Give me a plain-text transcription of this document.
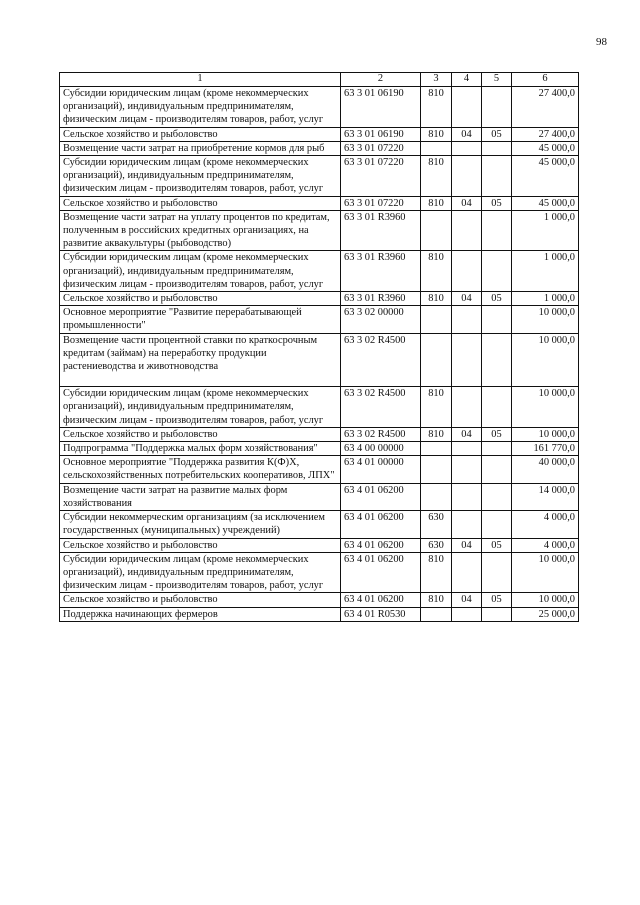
98
1	2	3	4	5	6
Субсидии юридическим лицам (кроме некоммерческих организаций), индивидуальным предпринимателям, физическим лицам - производителям товаров, работ, услуг	63 3 01 06190	810			27 400,0
Сельское хозяйство и рыболовство	63 3 01 06190	810	04	05	27 400,0
Возмещение части затрат на приобретение кормов для рыб	63 3 01 07220				45 000,0
Субсидии юридическим лицам (кроме некоммерческих организаций), индивидуальным предпринимателям, физическим лицам - производителям товаров, работ, услуг	63 3 01 07220	810			45 000,0
Сельское хозяйство и рыболовство	63 3 01 07220	810	04	05	45 000,0
Возмещение части затрат на уплату процентов по кредитам, полученным в российских кредитных организациях, на развитие аквакультуры (рыбоводство)	63 3 01 R3960				1 000,0
Субсидии юридическим лицам (кроме некоммерческих организаций), индивидуальным предпринимателям, физическим лицам - производителям товаров, работ, услуг	63 3 01 R3960	810			1 000,0
Сельское хозяйство и рыболовство	63 3 01 R3960	810	04	05	1 000,0
Основное мероприятие "Развитие перерабатывающей промышленности"	63 3 02 00000				10 000,0
Возмещение части процентной ставки по краткосрочным кредитам (займам) на переработку продукции растениеводства и животноводства	63 3 02 R4500				10 000,0
Субсидии юридическим лицам (кроме некоммерческих организаций), индивидуальным предпринимателям, физическим лицам - производителям товаров, работ, услуг	63 3 02 R4500	810			10 000,0
Сельское хозяйство и рыболовство	63 3 02 R4500	810	04	05	10 000,0
Подпрограмма "Поддержка малых форм хозяйствования"	63 4 00 00000				161 770,0
Основное мероприятие "Поддержка развития К(Ф)Х, сельскохозяйственных потребительских кооперативов, ЛПХ"	63 4 01 00000				40 000,0
Возмещение части затрат на развитие малых форм хозяйствования	63 4 01 06200				14 000,0
Субсидии некоммерческим организациям (за исключением государственных (муниципальных) учреждений)	63 4 01 06200	630			4 000,0
Сельское хозяйство и рыболовство	63 4 01 06200	630	04	05	4 000,0
Субсидии юридическим лицам (кроме некоммерческих организаций), индивидуальным предпринимателям, физическим лицам - производителям товаров, работ, услуг	63 4 01 06200	810			10 000,0
Сельское хозяйство и рыболовство	63 4 01 06200	810	04	05	10 000,0
Поддержка начинающих фермеров	63 4 01 R0530				25 000,0
